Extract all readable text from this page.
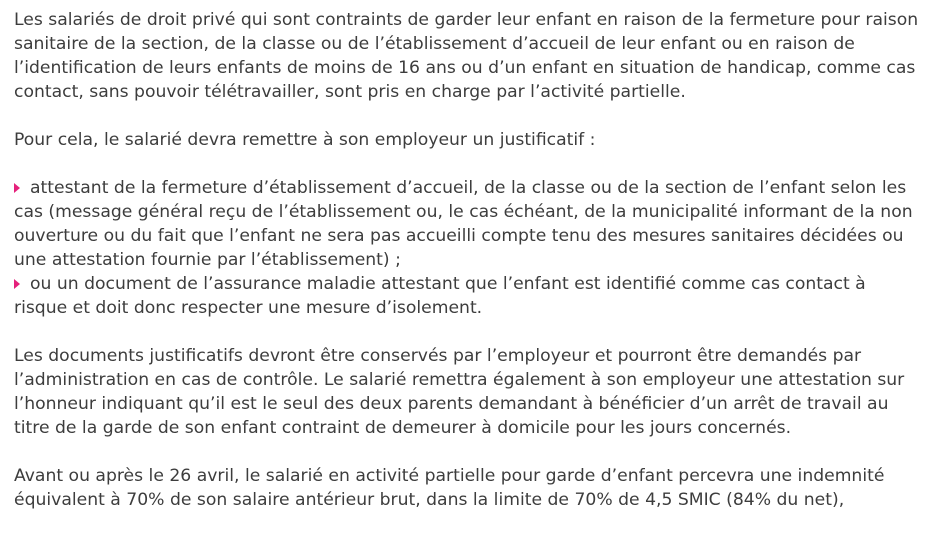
Les salariés de droit privé qui sont contraints de garder leur enfant en raison de la fermeture pour raison sanitaire de la section, de la classe ou de l’établissement d’accueil de leur enfant ou en raison de l’identification de leurs enfants de moins de 16 ans ou d’un enfant en situation de handicap, comme cas contact, sans pouvoir télétravailler, sont pris en charge par l’activité partielle.

Pour cela, le salarié devra remettre à son employeur un justificatif :

attestant de la fermeture d’établissement d’accueil, de la classe ou de la section de l’enfant selon les cas (message général reçu de l’établissement ou, le cas échéant, de la municipalité informant de la non ouverture ou du fait que l’enfant ne sera pas accueilli compte tenu des mesures sanitaires décidées ou une attestation fournie par l’établissement) ;
ou un document de l’assurance maladie attestant que l’enfant est identifié comme cas contact à risque et doit donc respecter une mesure d’isolement.

Les documents justificatifs devront être conservés par l’employeur et pourront être demandés par l’administration en cas de contrôle. Le salarié remettra également à son employeur une attestation sur l’honneur indiquant qu’il est le seul des deux parents demandant à bénéficier d’un arrêt de travail au titre de la garde de son enfant contraint de demeurer à domicile pour les jours concernés.

Avant ou après le 26 avril, le salarié en activité partielle pour garde d’enfant percevra une indemnité équivalent à 70% de son salaire antérieur brut, dans la limite de 70% de 4,5 SMIC (84% du net),
